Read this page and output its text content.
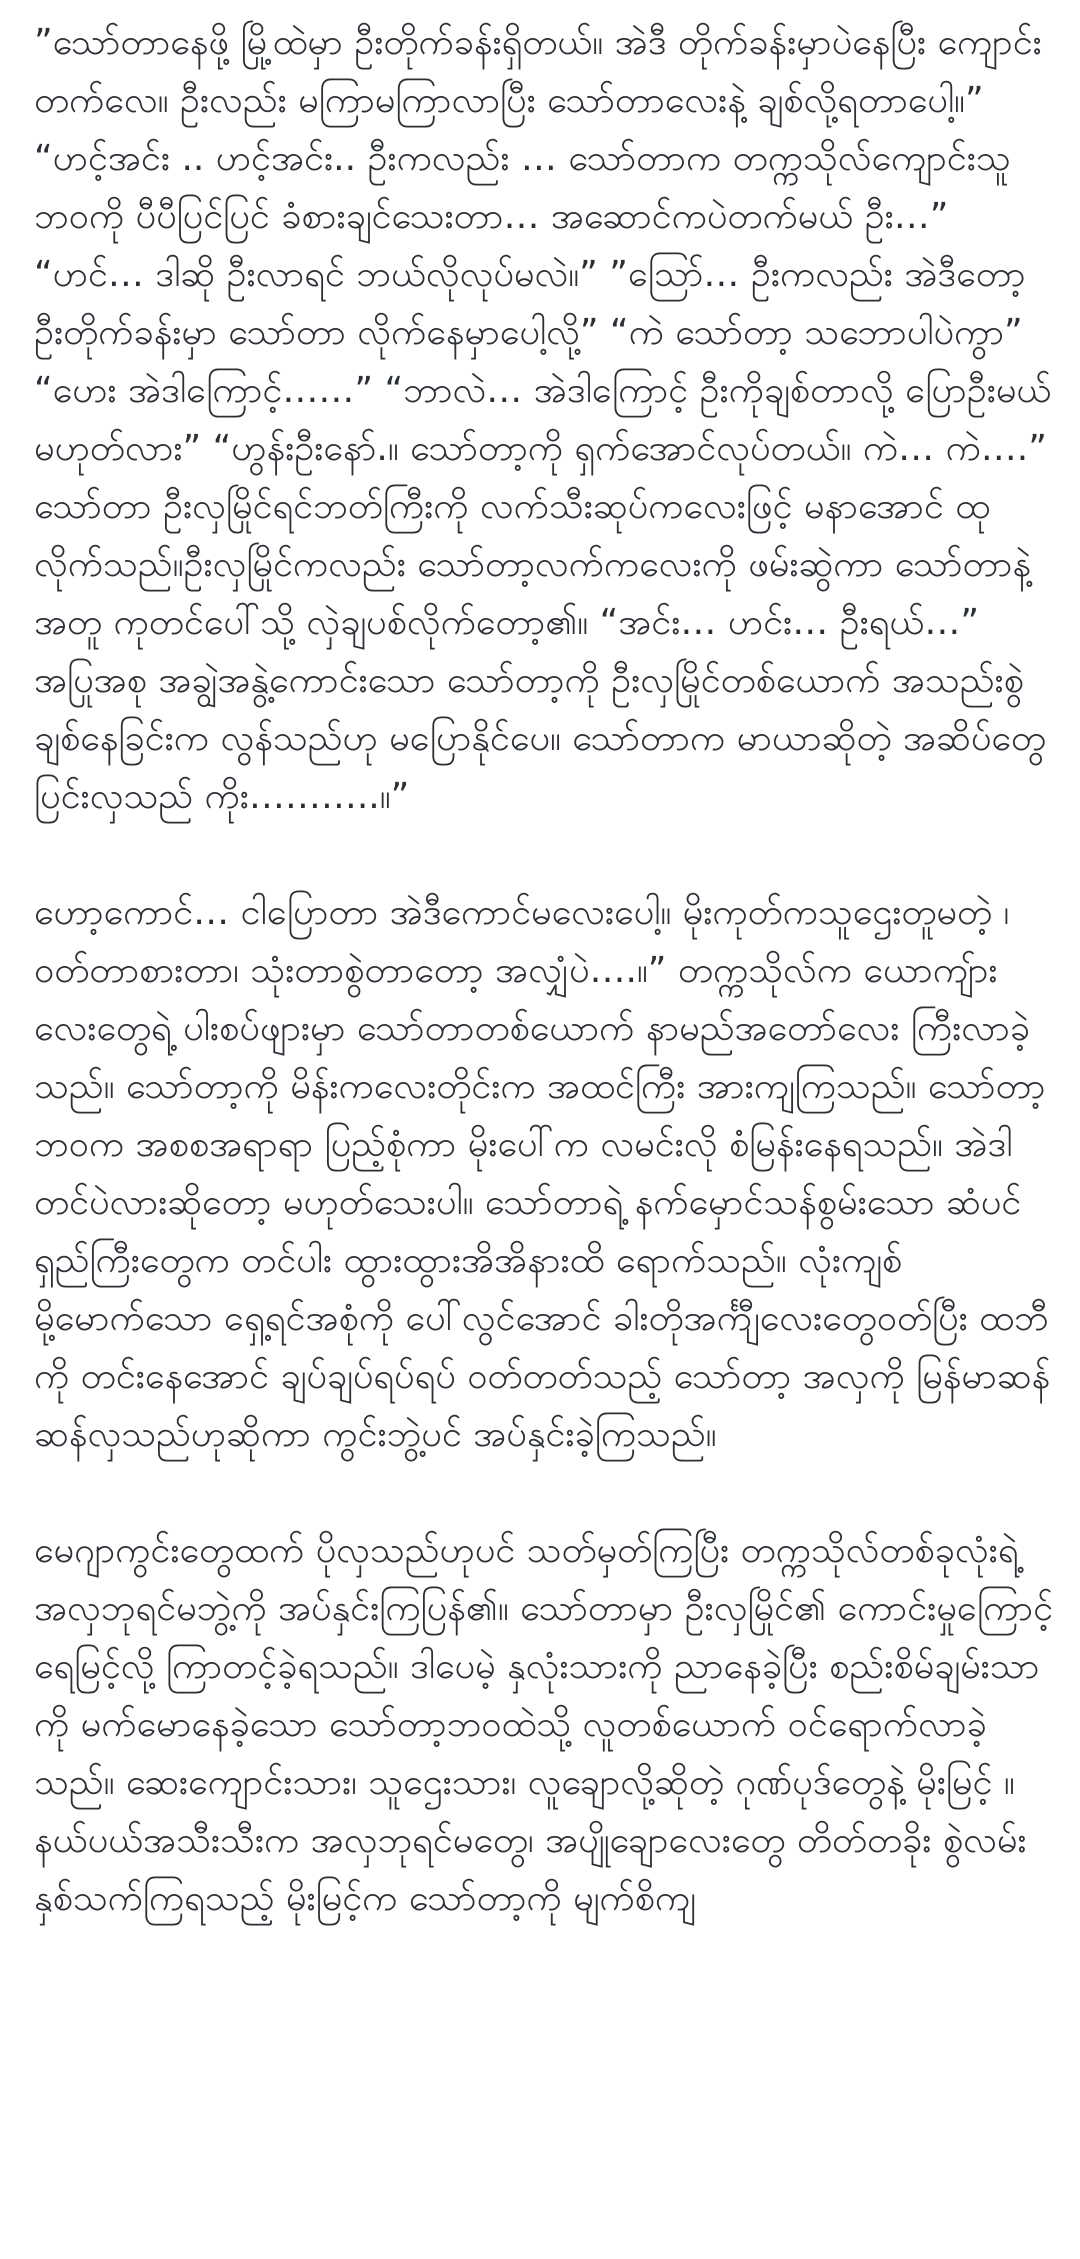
”သော်တာနေဖို့ မြို့ထဲမှာ ဦးတိုက်ခန်းရှိတယ်။ အဲဒီ တိုက်ခန်းမှာပဲနေပြီး ကျောင်းတက်လေ။ ဦးလည်း မကြာမကြာလာပြီး သော်တာလေးနဲ့ ချစ်လို့ရတာပေါ့။” “ဟင့်အင်း .. ဟင့်အင်း.. ဦးကလည်း … သော်တာက တက္ကသိုလ်ကျောင်းသူဘဝကို ပီပီပြင်ပြင် ခံစားချင်သေးတာ… အဆောင်ကပဲတက်မယ် ဦး…” “ဟင်… ဒါဆို ဦးလာရင် ဘယ်လိုလုပ်မလဲ။” ”ဪ… ဦးကလည်း အဲဒီတော့ ဦးတိုက်ခန်းမှာ သော်တာ လိုက်နေမှာပေါ့လို့” “ကဲ သော်တာ့ သဘောပါပဲကွာ” “ဟေး အဲဒါကြောင့်……” “ဘာလဲ… အဲဒါကြောင့် ဦးကိုချစ်တာလို့ ပြောဦးမယ် မဟုတ်လား” “ဟွန်းဦးနော်.။ သော်တာ့ကို ရှက်အောင်လုပ်တယ်။ ကဲ… ကဲ….” သော်တာ ဦးလှမြိုင်ရင်ဘတ်ကြီးကို လက်သီးဆုပ်ကလေးဖြင့် မနာအောင် ထုလိုက်သည်။ဦးလှမြိုင်ကလည်း သော်တာ့လက်ကလေးကို ဖမ်းဆွဲကာ သော်တာနဲ့အတူ ကုတင်ပေါ်သို့ လှဲချပစ်လိုက်တော့၏။ “အင်း… ဟင်း… ဦးရယ်…” အပြုအစု အချွဲအနွဲ့ကောင်းသော သော်တာ့ကို ဦးလှမြိုင်တစ်ယောက် အသည်းစွဲ ချစ်နေခြင်းက လွန်သည်ဟု မပြောနိုင်ပေ။ သော်တာက မာယာဆိုတဲ့ အဆိပ်တွေ ပြင်းလှသည် ကိုး………..။”

ဟော့ကောင်… ငါပြောတာ အဲဒီကောင်မလေးပေါ့။ မိုးကုတ်ကသူဌေးတူမတဲ့ ၊ ဝတ်တာစားတာ၊ သုံးတာစွဲတာတော့ အလျှံပဲ….။” တက္ကသိုလ်က ယောကျ်ားလေးတွေရဲ့ ပါးစပ်ဖျားမှာ သော်တာတစ်ယောက် နာမည်အတော်လေး ကြီးလာခဲ့သည်။ သော်တာ့ကို မိန်းကလေးတိုင်းက အထင်ကြီး အားကျကြသည်။ သော်တာ့ဘဝက အစစအရာရာ ပြည့်စုံကာ မိုးပေါ်က လမင်းလို စံမြန်းနေရသည်။ အဲဒါတင်ပဲလားဆိုတော့ မဟုတ်သေးပါ။ သော်တာရဲ့ နက်မှောင်သန်စွမ်းသော ဆံပင်ရှည်ကြီးတွေက တင်ပါး ထွားထွားအိအိနားထိ ရောက်သည်။ လုံးကျစ်မို့မောက်သော ရှေ့ရင်အစုံကို ပေါ်လွင်အောင် ခါးတိုအင်္ကျီလေးတွေဝတ်ပြီး ထဘီကို တင်းနေအောင် ချပ်ချပ်ရပ်ရပ် ဝတ်တတ်သည့် သော်တာ့ အလှကို မြန်မာဆန်ဆန်လှသည်ဟုဆိုကာ ကွင်းဘွဲ့ပင် အပ်နှင်းခဲ့ကြသည်။

မေဂျာကွင်းတွေထက် ပိုလှသည်ဟုပင် သတ်မှတ်ကြပြီး တက္ကသိုလ်တစ်ခုလုံးရဲ့ အလှဘုရင်မဘွဲ့ကို အပ်နှင်းကြပြန်၏။ သော်တာမှာ ဦးလှမြိုင်၏ ကောင်းမှုကြောင့် ရေမြင့်လို့ ကြာတင့်ခဲ့ရသည်။ ဒါပေမဲ့ နှလုံးသားကို ညာနေခဲ့ပြီး စည်းစိမ်ချမ်းသာကို မက်မောနေခဲ့သော သော်တာ့ဘဝထဲသို့ လူတစ်ယောက် ဝင်ရောက်လာခဲ့သည်။ ဆေးကျောင်းသား၊ သူဌေးသား၊ လူချောလို့ဆိုတဲ့ ဂုဏ်ပုဒ်တွေနဲ့ မိုးမြင့် ။ နယ်ပယ်အသီးသီးက အလှဘုရင်မတွေ၊ အပျိုချောလေးတွေ တိတ်တခိုး စွဲလမ်းနှစ်သက်ကြရသည့် မိုးမြင့်က သော်တာ့ကို မျက်စိကျ
